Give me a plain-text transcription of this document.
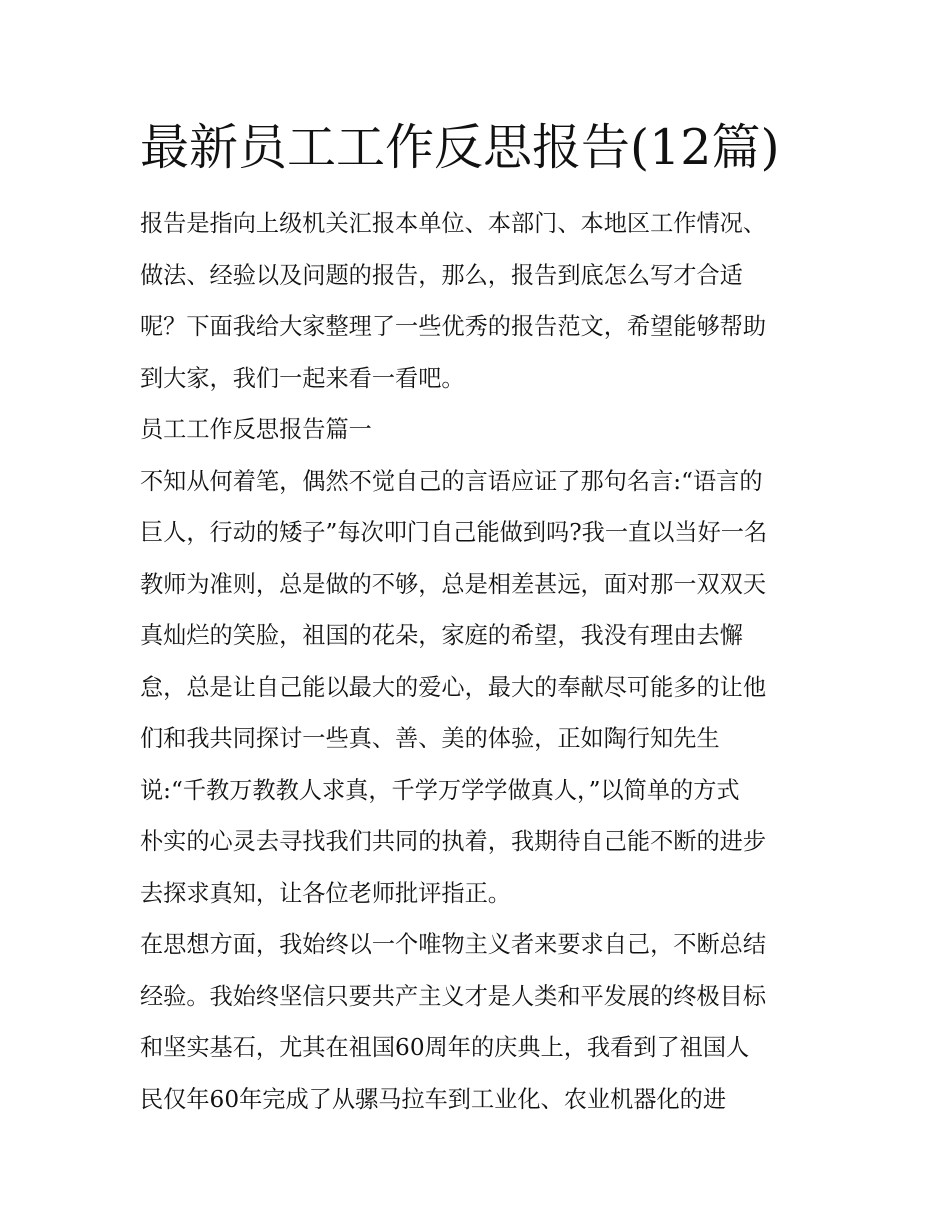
最新员工工作反思报告(12篇)
报告是指向上级机关汇报本单位、本部门、本地区工作情况、
做法、经验以及问题的报告，那么，报告到底怎么写才合适
呢？下面我给大家整理了一些优秀的报告范文，希望能够帮助
到大家，我们一起来看一看吧。
员工工作反思报告篇一
不知从何着笔，偶然不觉自己的言语应证了那句名言:“语言的
巨人，行动的矮子”每次叩门自己能做到吗?我一直以当好一名
教师为准则，总是做的不够，总是相差甚远，面对那一双双天
真灿烂的笑脸，祖国的花朵，家庭的希望，我没有理由去懈
怠，总是让自己能以最大的爱心，最大的奉献尽可能多的让他
们和我共同探讨一些真、善、美的体验，正如陶行知先生
说:“千教万教教人求真，千学万学学做真人，”以简单的方式
朴实的心灵去寻找我们共同的执着，我期待自己能不断的进步
去探求真知，让各位老师批评指正。
在思想方面，我始终以一个唯物主义者来要求自己，不断总结
经验。我始终坚信只要共产主义才是人类和平发展的终极目标
和坚实基石，尤其在祖国60周年的庆典上，我看到了祖国人
民仅年60年完成了从骡马拉车到工业化、农业机器化的进
